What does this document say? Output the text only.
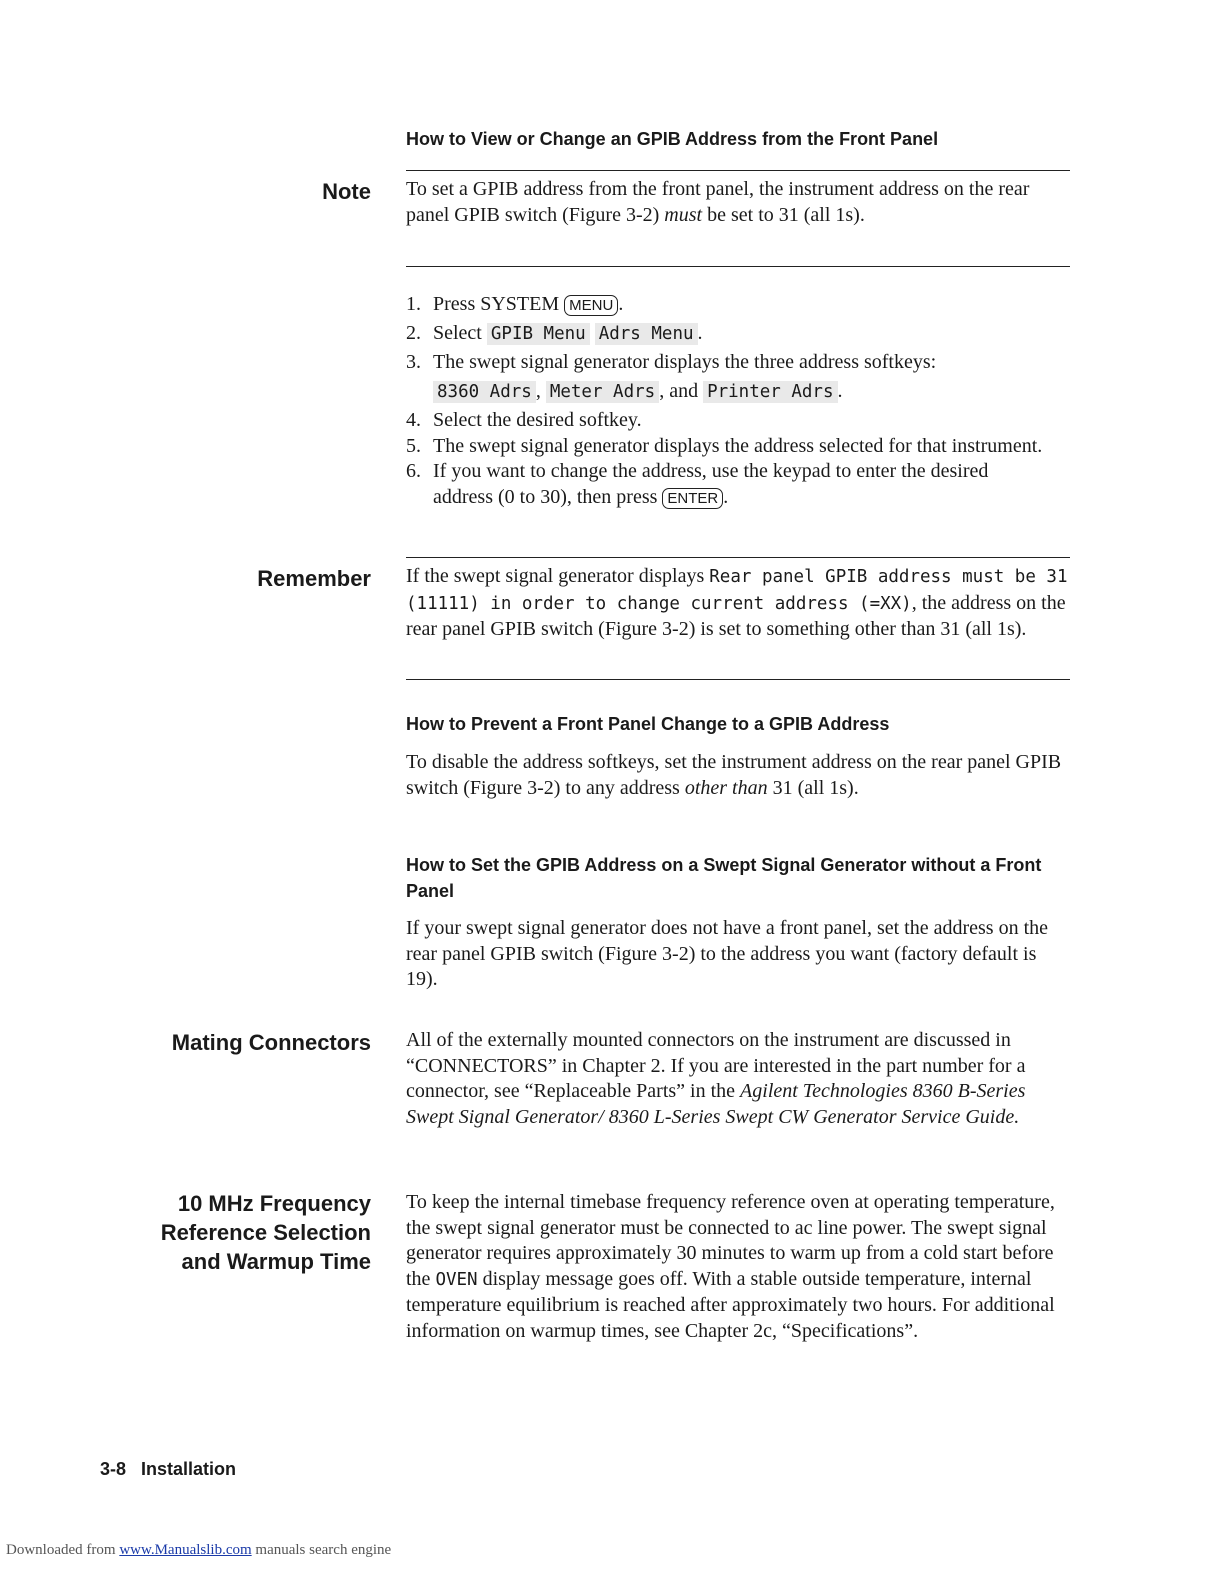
How to View or Change an GPIB Address from the Front Panel
Note To set a GPIB address from the front panel, the instrument address on the rear panel GPIB switch (Figure 3-2) must be set to 31 (all 1s).

1. Press SYSTEM MENU .
2. Select GPIB Menu Adrs Menu .
3. The swept signal generator displays the three address softkeys:
8360 Adrs , Meter Adrs , and Printer Adrs .
4. Select the desired softkey.
5. The swept signal generator displays the address selected for that instrument.
6. If you want to change the address, use the keypad to enter the desired address (0 to 30), then press ENTER .
Remember If the swept signal generator displays Rear panel GPIB address must be 31 (11111) in order to change current address (=XX), the address on the rear panel GPIB switch (Figure 3-2) is set to something other than 31 (all 1s).

How to Prevent a Front Panel Change to a GPIB Address

To disable the address softkeys, set the instrument address on the rear panel GPIB switch (Figure 3-2) to any address other than 31 (all 1s).

How to Set the GPIB Address on a Swept Signal Generator without a Front Panel

If your swept signal generator does not have a front panel, set the address on the rear panel GPIB switch (Figure 3-2) to the address you want (factory default is 19).

Mating Connectors All of the externally mounted connectors on the instrument are discussed in “CONNECTORS” in Chapter 2. If you are interested in the part number for a connector, see “Replaceable Parts” in the Agilent Technologies 8360 B-Series Swept Signal Generator/ 8360 L-Series Swept CW Generator Service Guide.

10 MHz Frequency
Reference Selection
and Warmup Time

To keep the internal timebase frequency reference oven at operating temperature, the swept signal generator must be connected to ac line power. The swept signal generator requires approximately 30 minutes to warm up from a cold start before the OVEN display message goes off. With a stable outside temperature, internal temperature equilibrium is reached after approximately two hours. For additional information on warmup times, see Chapter 2c, “Specifications”.

3-8 Installation
Downloaded from www.Manualslib.com manuals search engine
